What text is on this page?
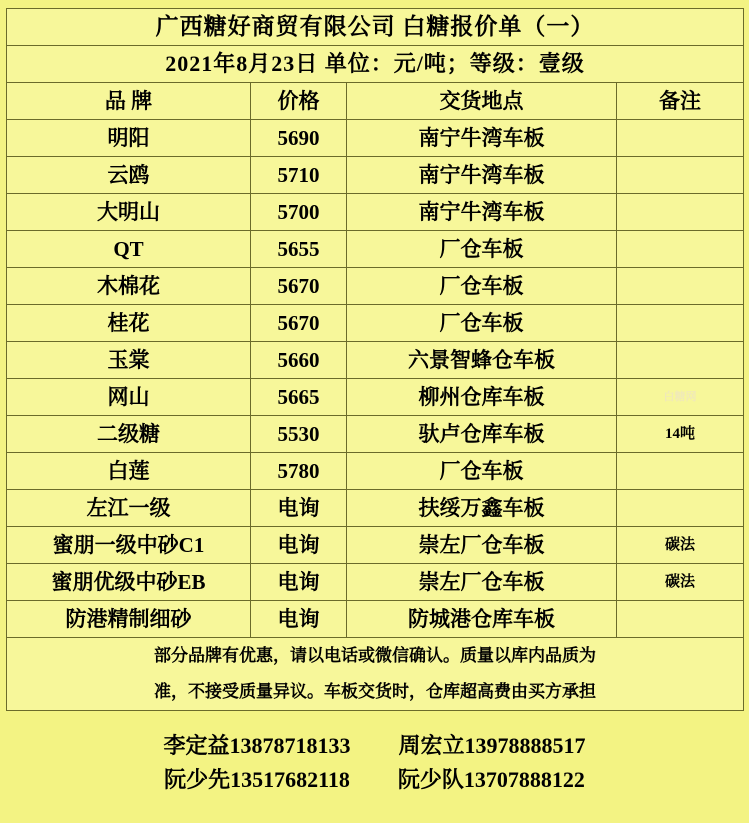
广西糖好商贸有限公司 白糖报价单（一）			
2021年8月23日 单位：元/吨；等级：壹级			
品 牌	价格	交货地点	备注
明阳	5690	南宁牛湾车板	
云鸥	5710	南宁牛湾车板	
大明山	5700	南宁牛湾车板	
QT	5655	厂仓车板	
木棉花	5670	厂仓车板	
桂花	5670	厂仓车板	
玉棠	5660	六景智蜂仓车板	
网山	5665	柳州仓库车板	白糖网
二级糖	5530	驮卢仓库车板	14吨
白莲	5780	厂仓车板	
左江一级	电询	扶绥万鑫车板	
蜜朋一级中砂C1	电询	崇左厂仓车板	碳法
蜜朋优级中砂EB	电询	崇左厂仓车板	碳法
防港精制细砂	电询	防城港仓库车板	

部分品牌有优惠，请以电话或微信确认。质量以库内品质为
准，不接受质量异议。车板交货时，仓库超高费由买方承担			
李定益13878718133 周宏立13978888517
阮少先13517682118 阮少队13707888122
